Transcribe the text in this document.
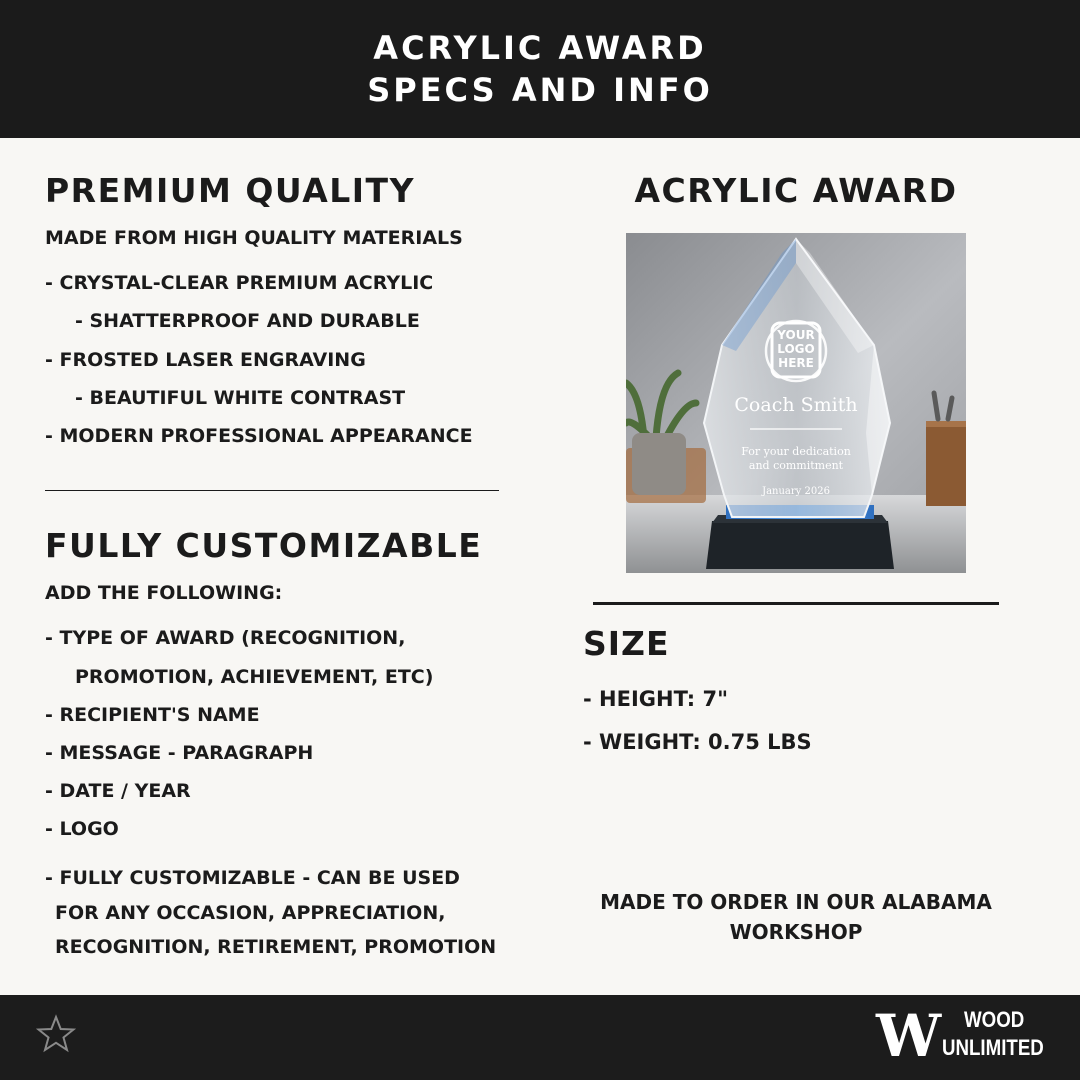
ACRYLIC AWARD
SPECS AND INFO
PREMIUM QUALITY
MADE FROM HIGH QUALITY MATERIALS
- CRYSTAL-CLEAR PREMIUM ACRYLIC
- SHATTERPROOF AND DURABLE
- FROSTED LASER ENGRAVING
- BEAUTIFUL WHITE CONTRAST
- MODERN PROFESSIONAL APPEARANCE
FULLY CUSTOMIZABLE
ADD THE FOLLOWING:
- TYPE OF AWARD (RECOGNITION,
PROMOTION, ACHIEVEMENT, ETC)
- RECIPIENT'S NAME
- MESSAGE - PARAGRAPH
- DATE / YEAR
- LOGO
- FULLY CUSTOMIZABLE - CAN BE USED
FOR ANY OCCASION, APPRECIATION,
RECOGNITION, RETIREMENT, PROMOTION
ACRYLIC AWARD
YOUR
LOGO
HERE
Coach Smith
For your dedication
and commitment
January 2026
SIZE
- HEIGHT: 7"
- WEIGHT: 0.75 LBS
MADE TO ORDER IN OUR ALABAMA
WORKSHOP
W WOOD
UNLIMITED
